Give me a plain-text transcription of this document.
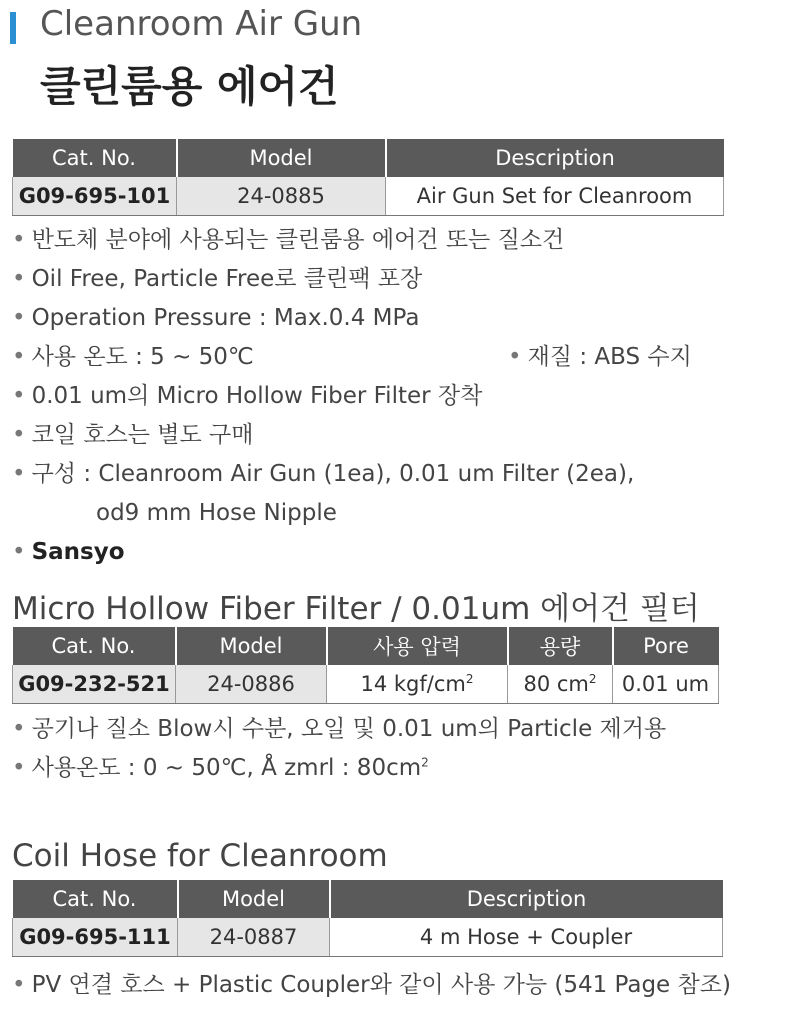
Cleanroom Air Gun
클린룸용 에어건
Cat. No.	Model	Description
G09-695-101	24-0885	Air Gun Set for Cleanroom
• 반도체 분야에 사용되는 클린룸용 에어건 또는 질소건
• Oil Free, Particle Free로 클린팩 포장
• Operation Pressure : Max.0.4 MPa
• 사용 온도 : 5 ~ 50℃	• 재질 : ABS 수지
• 0.01 um의 Micro Hollow Fiber Filter 장착
• 코일 호스는 별도 구매
• 구성 : Cleanroom Air Gun (1ea), 0.01 um Filter (2ea),
od9 mm Hose Nipple
• Sansyo
Micro Hollow Fiber Filter / 0.01um 에어건 필터
Cat. No.	Model	사용 압력	용량	Pore
G09-232-521	24-0886	14 kgf/$cm^2$	80 $cm^2$	0.01 um
• 공기나 질소 Blow시 수분, 오일 및 0.01 um의 Particle 제거용
• 사용온도 : 0 ~ 50℃, Å zmrl : $80cm^2$
Coil Hose for Cleanroom
Cat. No.	Model	Description
G09-695-111	24-0887	4 m Hose + Coupler
• PV 연결 호스 + Plastic Coupler와 같이 사용 가능 (541 Page 참조)
